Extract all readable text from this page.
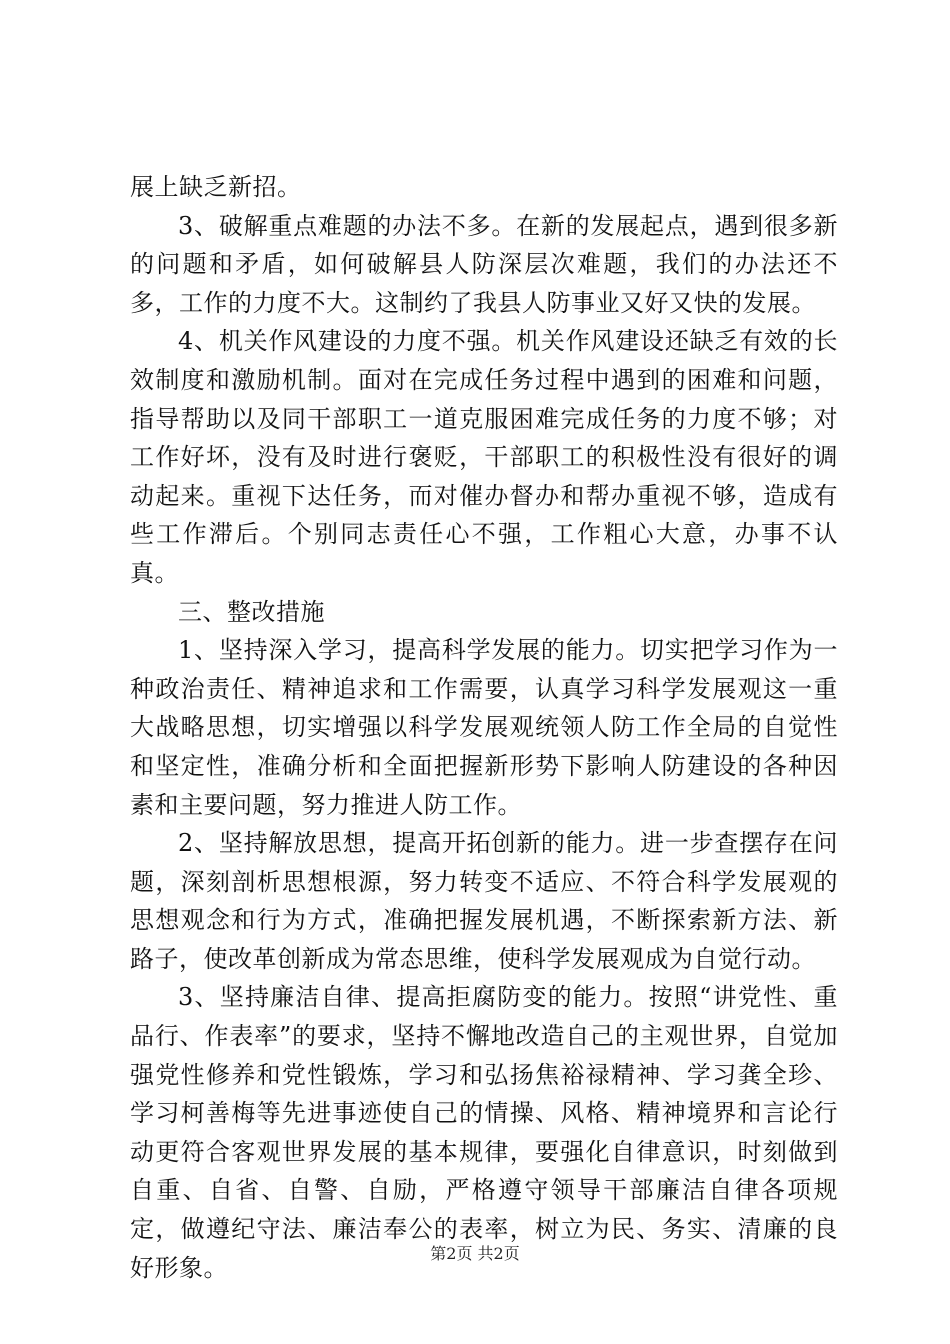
展上缺乏新招。

3、破解重点难题的办法不多。在新的发展起点，遇到很多新的问题和矛盾，如何破解县人防深层次难题，我们的办法还不多，工作的力度不大。这制约了我县人防事业又好又快的发展。

4、机关作风建设的力度不强。机关作风建设还缺乏有效的长效制度和激励机制。面对在完成任务过程中遇到的困难和问题，指导帮助以及同干部职工一道克服困难完成任务的力度不够；对工作好坏，没有及时进行褒贬，干部职工的积极性没有很好的调动起来。重视下达任务，而对催办督办和帮办重视不够，造成有些工作滞后。个别同志责任心不强，工作粗心大意，办事不认真。

三、整改措施

1、坚持深入学习，提高科学发展的能力。切实把学习作为一种政治责任、精神追求和工作需要，认真学习科学发展观这一重大战略思想，切实增强以科学发展观统领人防工作全局的自觉性和坚定性，准确分析和全面把握新形势下影响人防建设的各种因素和主要问题，努力推进人防工作。

2、坚持解放思想，提高开拓创新的能力。进一步查摆存在问题，深刻剖析思想根源，努力转变不适应、不符合科学发展观的思想观念和行为方式，准确把握发展机遇，不断探索新方法、新路子，使改革创新成为常态思维，使科学发展观成为自觉行动。

3、坚持廉洁自律、提高拒腐防变的能力。按照“讲党性、重品行、作表率”的要求，坚持不懈地改造自己的主观世界，自觉加强党性修养和党性锻炼，学习和弘扬焦裕禄精神、学习龚全珍、学习柯善梅等先进事迹使自己的情操、风格、精神境界和言论行动更符合客观世界发展的基本规律，要强化自律意识，时刻做到自重、自省、自警、自励，严格遵守领导干部廉洁自律各项规定，做遵纪守法、廉洁奉公的表率，树立为民、务实、清廉的良好形象。

第2页 共2页
